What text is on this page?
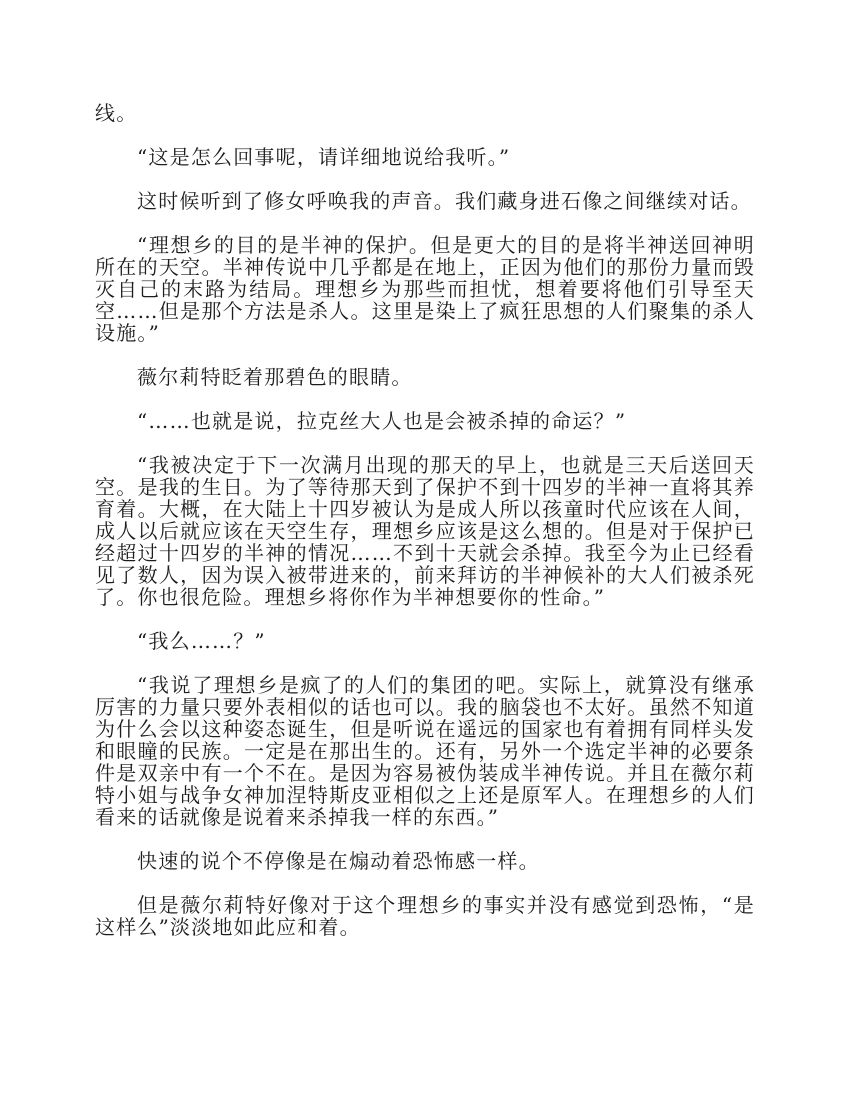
线。

“这是怎么回事呢，请详细地说给我听。”

这时候听到了修女呼唤我的声音。我们藏身进石像之间继续对话。

“理想乡的目的是半神的保护。但是更大的目的是将半神送回神明所在的天空。半神传说中几乎都是在地上，正因为他们的那份力量而毁灭自己的末路为结局。理想乡为那些而担忧，想着要将他们引导至天空……但是那个方法是杀人。这里是染上了疯狂思想的人们聚集的杀人设施。”

薇尔莉特眨着那碧色的眼睛。

“……也就是说，拉克丝大人也是会被杀掉的命运？”

“我被决定于下一次满月出现的那天的早上，也就是三天后送回天空。是我的生日。为了等待那天到了保护不到十四岁的半神一直将其养育着。大概，在大陆上十四岁被认为是成人所以孩童时代应该在人间，成人以后就应该在天空生存，理想乡应该是这么想的。但是对于保护已经超过十四岁的半神的情况……不到十天就会杀掉。我至今为止已经看见了数人，因为误入被带进来的，前来拜访的半神候补的大人们被杀死了。你也很危险。理想乡将你作为半神想要你的性命。”

“我么……？”

“我说了理想乡是疯了的人们的集团的吧。实际上，就算没有继承厉害的力量只要外表相似的话也可以。我的脑袋也不太好。虽然不知道为什么会以这种姿态诞生，但是听说在遥远的国家也有着拥有同样头发和眼瞳的民族。一定是在那出生的。还有，另外一个选定半神的必要条件是双亲中有一个不在。是因为容易被伪装成半神传说。并且在薇尔莉特小姐与战争女神加涅特斯皮亚相似之上还是原军人。在理想乡的人们看来的话就像是说着来杀掉我一样的东西。”

快速的说个不停像是在煽动着恐怖感一样。

但是薇尔莉特好像对于这个理想乡的事实并没有感觉到恐怖，“是这样么”淡淡地如此应和着。
